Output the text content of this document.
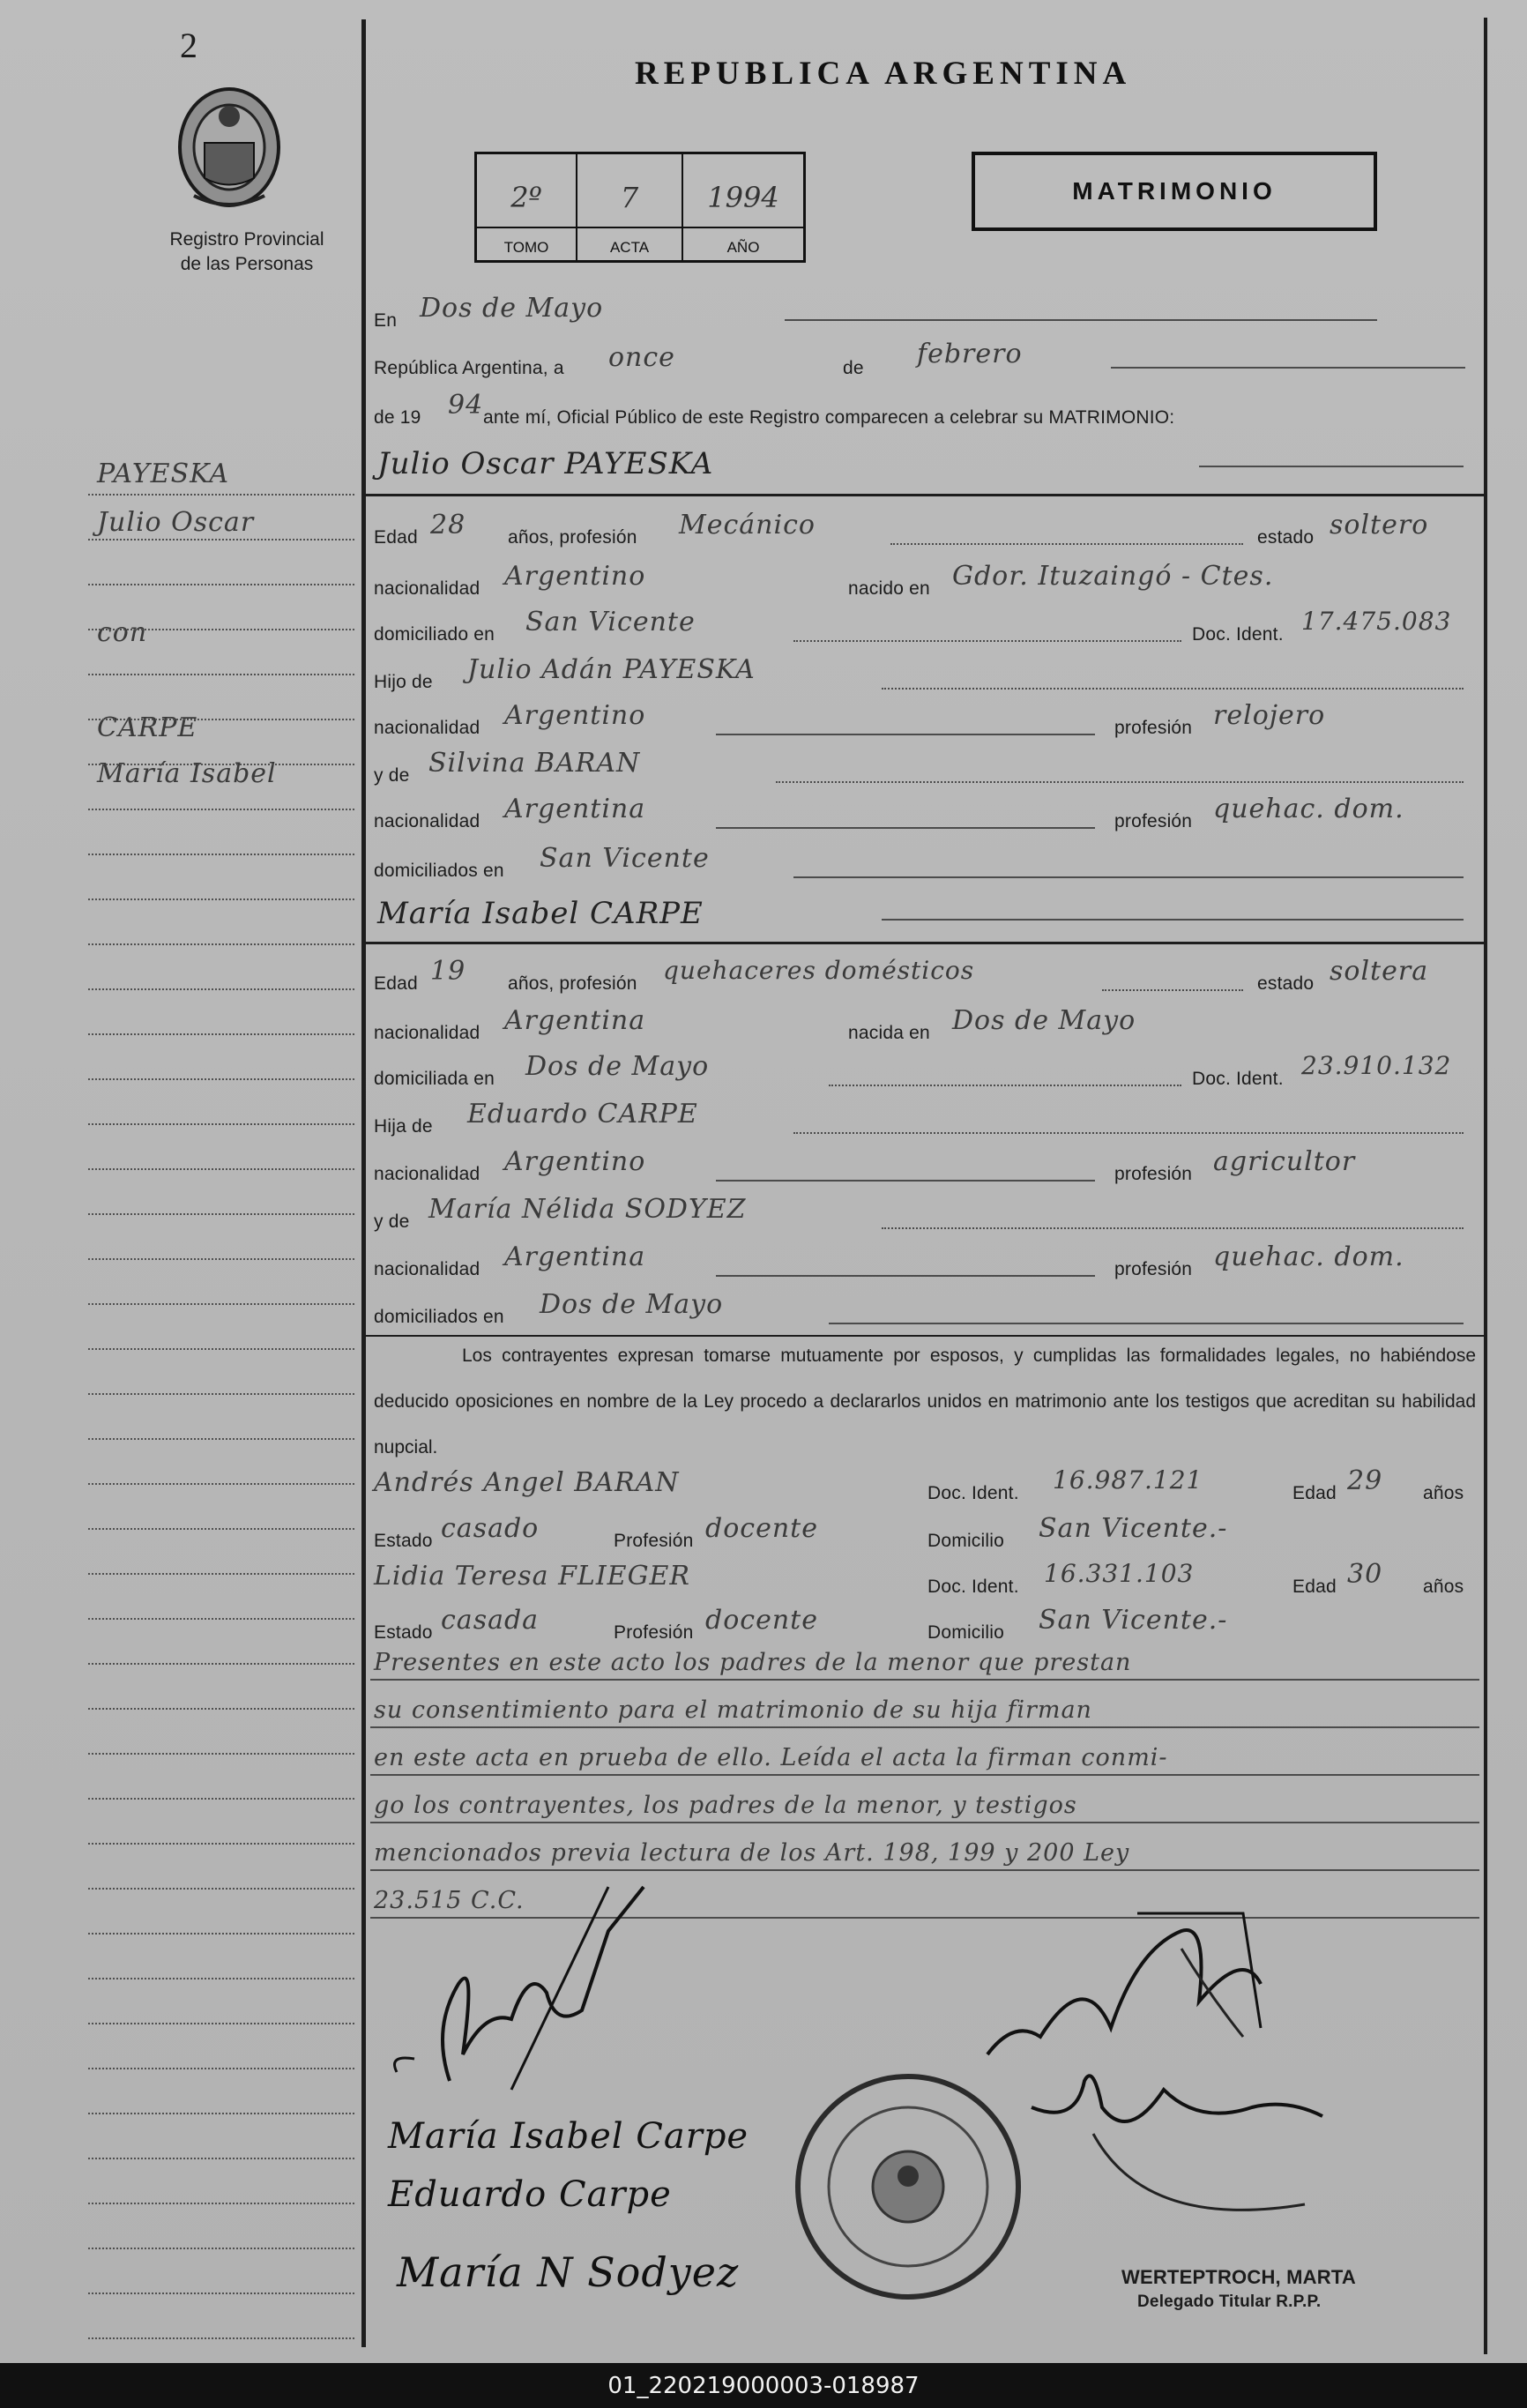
2
Registro Provincial
de las Personas
REPUBLICA ARGENTINA
2º
TOMO
7
ACTA
1994
AÑO
MATRIMONIO
PAYESKA
Julio Oscar
con
CARPE
María Isabel
En Dos de Mayo
República Argentina, a once	de febrero
de 19 94 ante mí, Oficial Público de este Registro comparecen a celebrar su MATRIMONIO:
Julio Oscar PAYESKA
Edad 28 años, profesión Mecánico	estado soltero
nacionalidad Argentino	nacido en Gdor. Ituzaingó - Ctes.
domiciliado en San Vicente	Doc. Ident. 17.475.083
Hijo de Julio Adán PAYESKA
nacionalidad Argentino	profesión relojero
y de Silvina BARAN
nacionalidad Argentina	profesión quehac. dom.
domiciliados en San Vicente
María Isabel CARPE
Edad 19 años, profesión quehaceres domésticos	estado soltera
nacionalidad Argentina	nacida en Dos de Mayo
domiciliada en Dos de Mayo	Doc. Ident. 23.910.132
Hija de Eduardo CARPE
nacionalidad Argentino	profesión agricultor
y de María Nélida SODYEZ
nacionalidad Argentina	profesión quehac. dom.
domiciliados en Dos de Mayo
Los contrayentes expresan tomarse mutuamente por esposos, y cumplidas las formalidades legales, no habiéndose deducido oposiciones en nombre de la Ley procedo a declararlos unidos en matrimonio ante los testigos que acreditan su habilidad nupcial.
Andrés Angel BARAN	Doc. Ident. 16.987.121	Edad 29 años
Estado casado	Profesión docente	Domicilio San Vicente.-
Lidia Teresa FLIEGER	Doc. Ident. 16.331.103	Edad 30 años
Estado casada	Profesión docente	Domicilio San Vicente.-
Presentes en este acto los padres de la menor que prestan
su consentimiento para el matrimonio de su hija firman
en este acta en prueba de ello. Leída el acta la firman conmi-
go los contrayentes, los padres de la menor, y testigos
mencionados previa lectura de los Art. 198, 199 y 200 Ley
23.515 C.C.
María Isabel Carpe
Eduardo Carpe
María N Sodyez	WERTEPTROCH, MARTA
Delegado Titular R.P.P.
01_220219000003-018987
